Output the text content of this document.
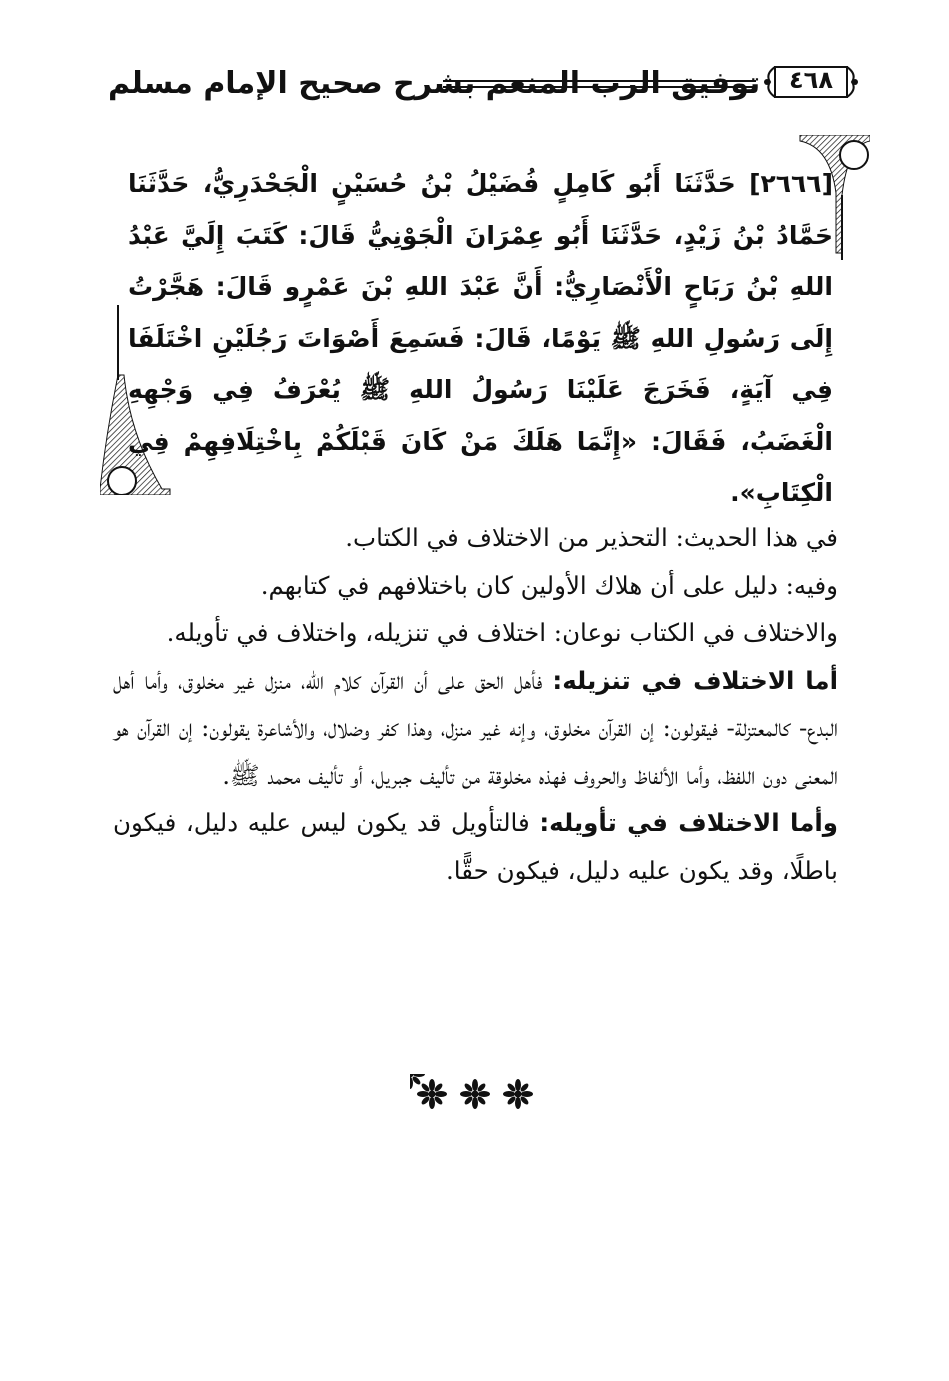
توفيق الرب المنعم بشرح صحيح الإمام مسلم	٤٦٨
[٢٦٦٦] حَدَّثَنَا أَبُو كَامِلٍ فُضَيْلُ بْنُ حُسَيْنٍ الْجَحْدَرِيُّ، حَدَّثَنَا حَمَّادُ بْنُ زَيْدٍ، حَدَّثَنَا أَبُو عِمْرَانَ الْجَوْنِيُّ قَالَ: كَتَبَ إِلَيَّ عَبْدُ اللهِ بْنُ رَبَاحٍ الْأَنْصَارِيُّ: أَنَّ عَبْدَ اللهِ بْنَ عَمْرٍو قَالَ: هَجَّرْتُ إِلَى رَسُولِ اللهِ ﷺ يَوْمًا، قَالَ: فَسَمِعَ أَصْوَاتَ رَجُلَيْنِ اخْتَلَفَا فِي آيَةٍ، فَخَرَجَ عَلَيْنَا رَسُولُ اللهِ ﷺ يُعْرَفُ فِي وَجْهِهِ الْغَضَبُ، فَقَالَ: «إِنَّمَا هَلَكَ مَنْ كَانَ قَبْلَكُمْ بِاخْتِلَافِهِمْ فِي الْكِتَابِ».

في هذا الحديث: التحذير من الاختلاف في الكتاب.

وفيه: دليل على أن هلاك الأولين كان باختلافهم في كتابهم.

والاختلاف في الكتاب نوعان: اختلاف في تنزيله، واختلاف في تأويله.

أما الاختلاف في تنزيله: فأهل الحق على أن القرآن كلام الله، منزل غير مخلوق، وأما أهل البدع- كالمعتزلة- فيقولون: إن القرآن مخلوق، وإنه غير منزل، وهذا كفر وضلال، والأشاعرة يقولون: إن القرآن هو المعنى دون اللفظ، وأما الألفاظ والحروف فهذه مخلوقة من تأليف جبريل، أو تأليف محمد ﷺ.

وأما الاختلاف في تأويله: فالتأويل قد يكون ليس عليه دليل، فيكون باطلًا، وقد يكون عليه دليل، فيكون حقًّا.
